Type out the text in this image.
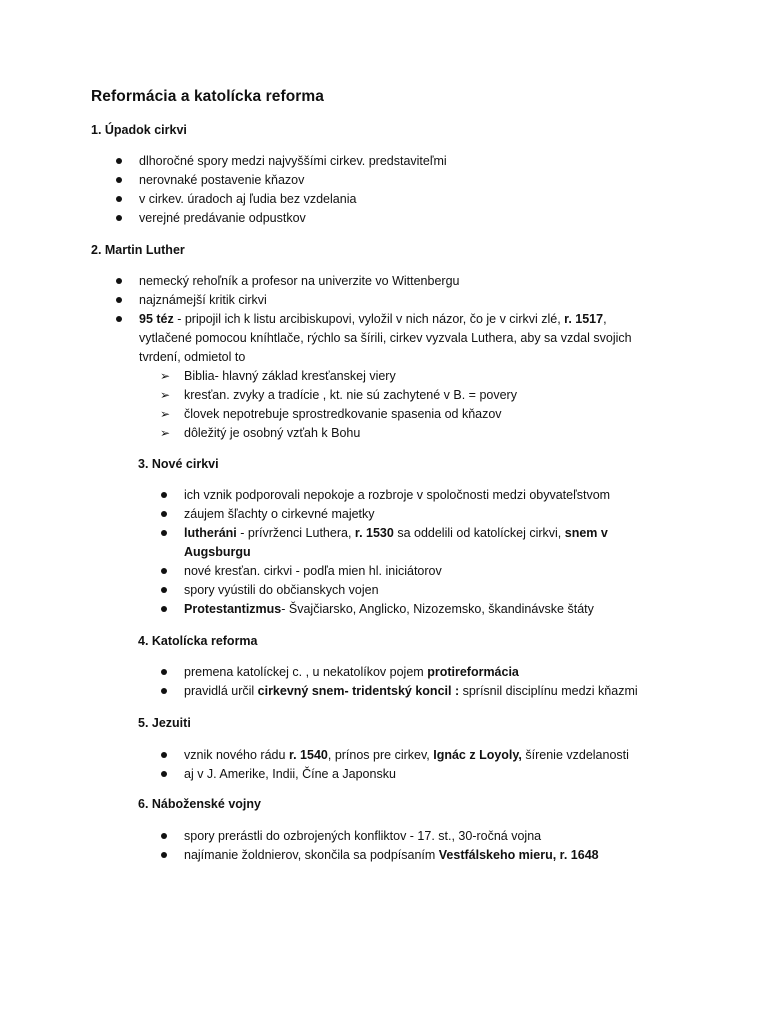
Reformácia a katolícka reforma
1. Úpadok cirkvi
dlhoročné spory medzi najvyššími cirkev. predstaviteľmi
nerovnaké postavenie kňazov
v cirkev. úradoch aj ľudia bez vzdelania
verejné predávanie odpustkov
2. Martin Luther
nemecký rehoľník a profesor na univerzite vo Wittenbergu
najznámejší kritik cirkvi
95 téz - pripojil ich k listu arcibiskupovi, vyložil v nich názor, čo je v cirkvi zlé, r. 1517,
vytlačené pomocou kníhtlače, rýchlo sa šírili, cirkev vyzvala Luthera, aby sa vzdal svojich
tvrdení, odmietol to
➢ Biblia- hlavný základ kresťanskej viery
➢ kresťan. zvyky a tradície , kt. nie sú zachytené v B. = povery
➢ človek nepotrebuje sprostredkovanie spasenia od kňazov
➢ dôležitý je osobný vzťah k Bohu
3. Nové cirkvi
ich vznik podporovali nepokoje a rozbroje v spoločnosti medzi obyvateľstvom
záujem šľachty o cirkevné majetky
lutheráni - prívrženci Luthera, r. 1530 sa oddelili od katolíckej cirkvi, snem v
Augsburgu
nové kresťan. cirkvi - podľa mien hl. iniciátorov
spory vyústili do občianskych vojen
Protestantizmus- Švajčiarsko, Anglicko, Nizozemsko, škandinávske štáty
4. Katolícka reforma
premena katolíckej c. , u nekatolíkov pojem protireformácia
pravidlá určil cirkevný snem- tridentský koncil : sprísnil disciplínu medzi kňazmi
5. Jezuiti
vznik nového rádu r. 1540, prínos pre cirkev, Ignác z Loyoly, šírenie vzdelanosti
aj v J. Amerike, Indii, Číne a Japonsku
6. Náboženské vojny
spory prerástli do ozbrojených konfliktov - 17. st., 30-ročná vojna
najímanie žoldnierov, skončila sa podpísaním Vestfálskeho mieru, r. 1648
